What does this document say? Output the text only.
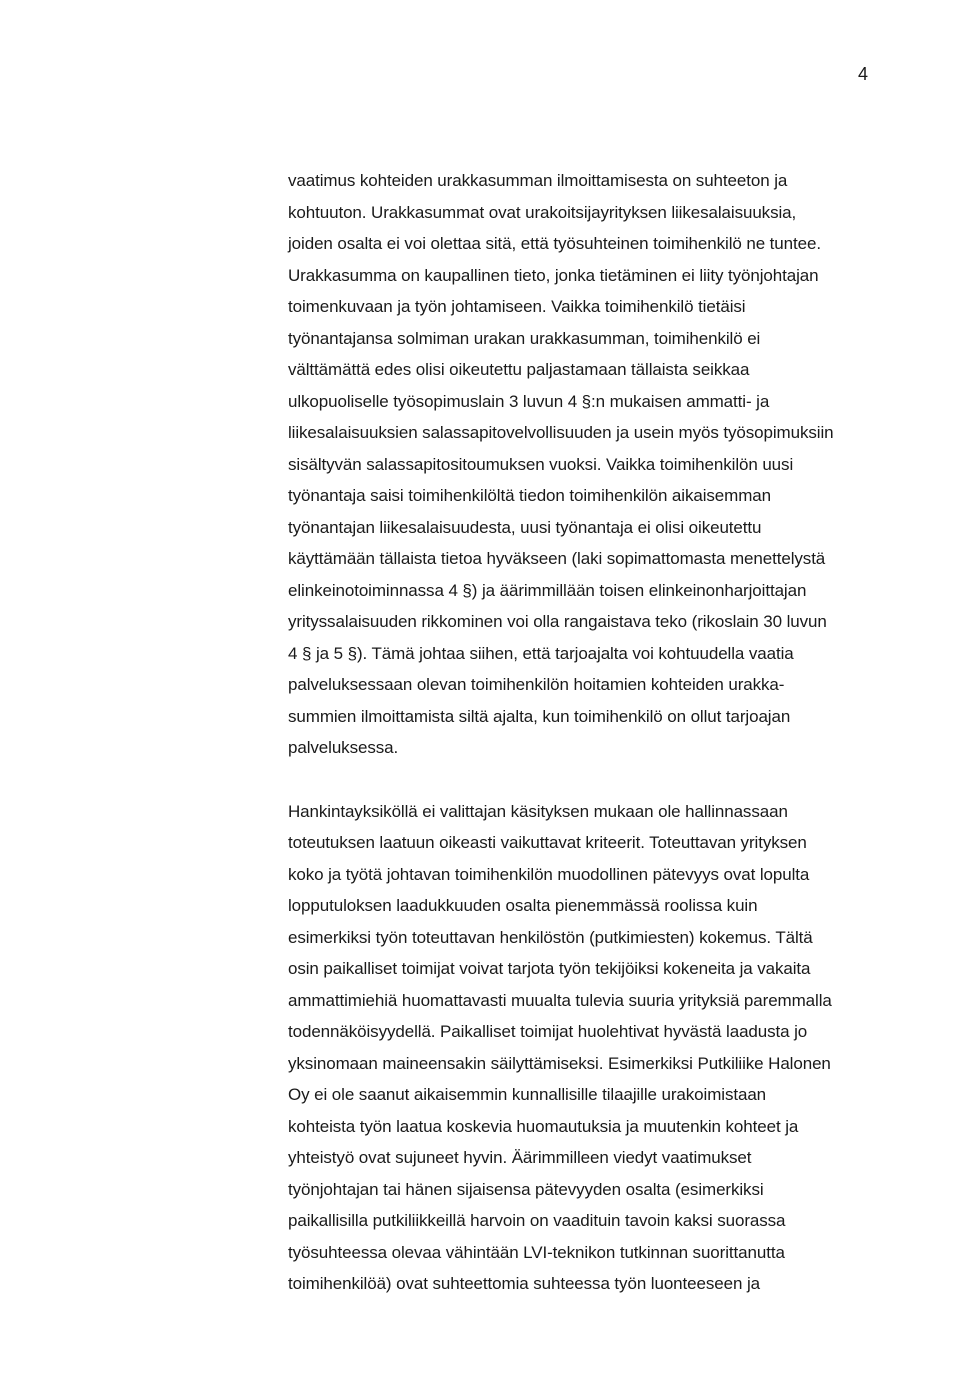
4
vaatimus kohteiden urakkasumman ilmoittamisesta on suhteeton ja
kohtuuton. Urakkasummat ovat urakoitsijayrityksen liikesalaisuuksia,
joiden osalta ei voi olettaa sitä, että työsuhteinen toimihenkilö ne tuntee.
Urakkasumma on kaupallinen tieto, jonka tietäminen ei liity työnjohtajan
toimenkuvaan ja työn johtamiseen. Vaikka toimihenkilö tietäisi
työnantajansa solmiman urakan urakkasumman, toimihenkilö ei
välttämättä edes olisi oikeutettu paljastamaan tällaista seikkaa
ulkopuoliselle työsopimuslain 3 luvun 4 §:n mukaisen ammatti- ja
liikesalaisuuksien salassapitovelvollisuuden ja usein myös työsopimuksiin
sisältyvän salassapitositoumuksen vuoksi. Vaikka toimihenkilön uusi
työnantaja saisi toimihenkilöltä tiedon toimihenkilön aikaisemman
työnantajan liikesalaisuudesta, uusi työnantaja ei olisi oikeutettu
käyttämään tällaista tietoa hyväkseen (laki sopimattomasta menettelystä
elinkeinotoiminnassa 4 §) ja äärimmillään toisen elinkeinonharjoittajan
yrityssalaisuuden rikkominen voi olla rangaistava teko (rikoslain 30 luvun
4 § ja 5 §). Tämä johtaa siihen, että tarjoajalta voi kohtuudella vaatia
palveluksessaan olevan toimihenkilön hoitamien kohteiden urakka-
summien ilmoittamista siltä ajalta, kun toimihenkilö on ollut tarjoajan
palveluksessa.
Hankintayksiköllä ei valittajan käsityksen mukaan ole hallinnassaan
toteutuksen laatuun oikeasti vaikuttavat kriteerit. Toteuttavan yrityksen
koko ja työtä johtavan toimihenkilön muodollinen pätevyys ovat lopulta
lopputuloksen laadukkuuden osalta pienemmässä roolissa kuin
esimerkiksi työn toteuttavan henkilöstön (putkimiesten) kokemus. Tältä
osin paikalliset toimijat voivat tarjota työn tekijöiksi kokeneita ja vakaita
ammattimiehiä huomattavasti muualta tulevia suuria yrityksiä paremmalla
todennäköisyydellä. Paikalliset toimijat huolehtivat hyvästä laadusta jo
yksinomaan maineensakin säilyttämiseksi. Esimerkiksi Putkiliike Halonen
Oy ei ole saanut aikaisemmin kunnallisille tilaajille urakoimistaan
kohteista työn laatua koskevia huomautuksia ja muutenkin kohteet ja
yhteistyö ovat sujuneet hyvin. Äärimmilleen viedyt vaatimukset
työnjohtajan tai hänen sijaisensa pätevyyden osalta (esimerkiksi
paikallisilla putkiliikkeillä harvoin on vaadituin tavoin kaksi suorassa
työsuhteessa olevaa vähintään LVI-teknikon tutkinnan suorittanutta
toimihenkilöä) ovat suhteettomia suhteessa työn luonteeseen ja
